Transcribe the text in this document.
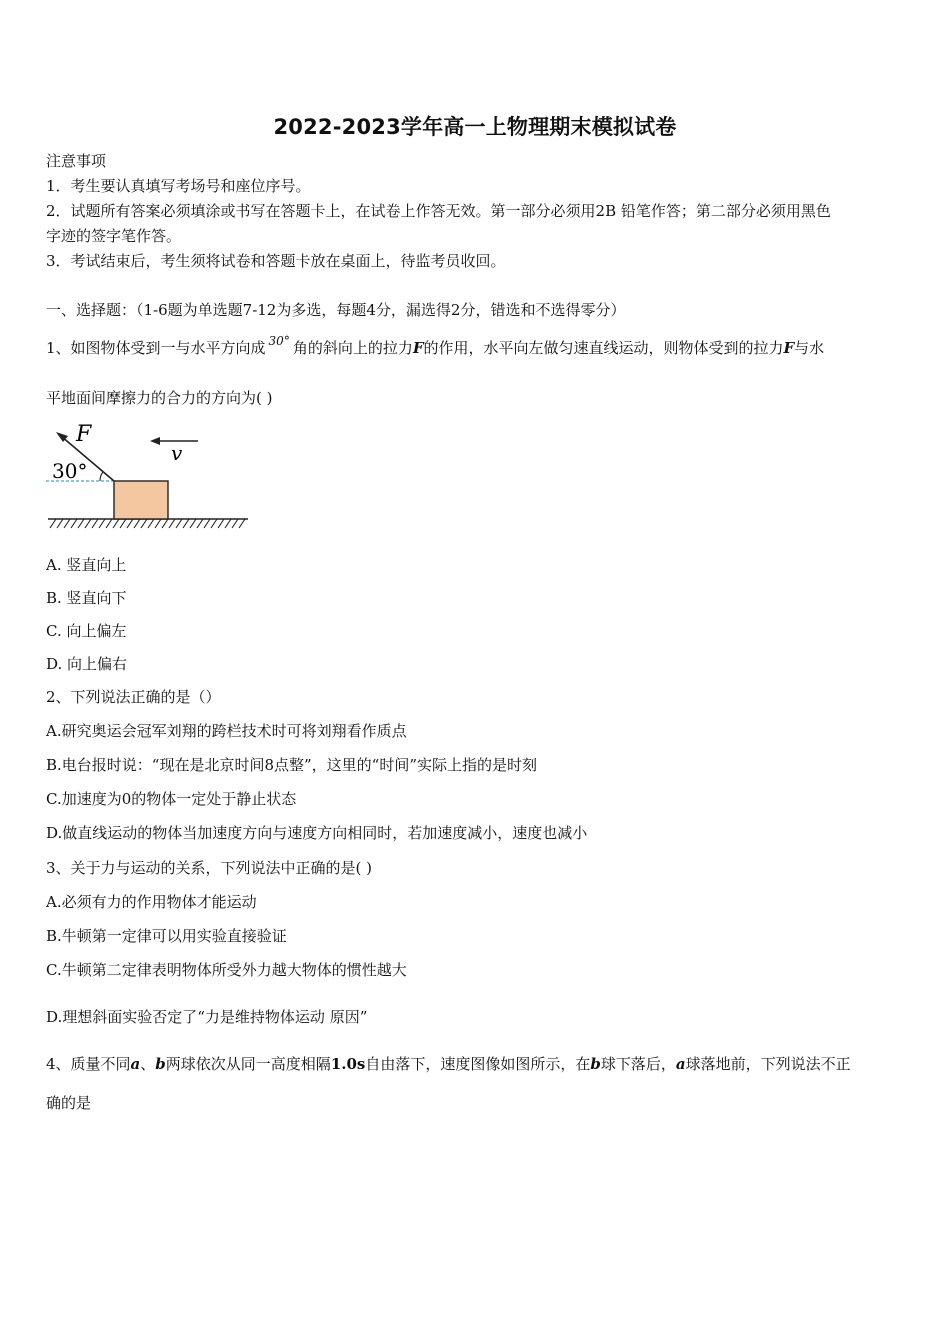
2022-2023学年高一上物理期末模拟试卷
注意事项
1．考生要认真填写考场号和座位序号。
2．试题所有答案必须填涂或书写在答题卡上，在试卷上作答无效。第一部分必须用2B 铅笔作答；第二部分必须用黑色
字迹的签字笔作答。
3．考试结束后，考生须将试卷和答题卡放在桌面上，待监考员收回。
一、选择题：（1-6题为单选题7-12为多选，每题4分，漏选得2分，错选和不选得零分）
1、如图物体受到一与水平方向成 $^{30^\circ}$ 角的斜向上的拉力F的作用，水平向左做匀速直线运动，则物体受到的拉力F与水
平地面间摩擦力的合力的方向为( )
F
30°
v
A. 竖直向上
B. 竖直向下
C. 向上偏左
D. 向上偏右
2、下列说法正确的是（）
A.研究奥运会冠军刘翔的跨栏技术时可将刘翔看作质点
B.电台报时说：“现在是北京时间8点整”，这里的“时间”实际上指的是时刻
C.加速度为0的物体一定处于静止状态
D.做直线运动的物体当加速度方向与速度方向相同时，若加速度减小，速度也减小
3、关于力与运动的关系，下列说法中正确的是( )
A.必须有力的作用物体才能运动
B.牛顿第一定律可以用实验直接验证
C.牛顿第二定律表明物体所受外力越大物体的惯性越大
D.理想斜面实验否定了“力是维持物体运动 原因”
4、质量不同a、b两球依次从同一高度相隔1.0s自由落下，速度图像如图所示，在b球下落后，a球落地前，下列说法不正
确的是
